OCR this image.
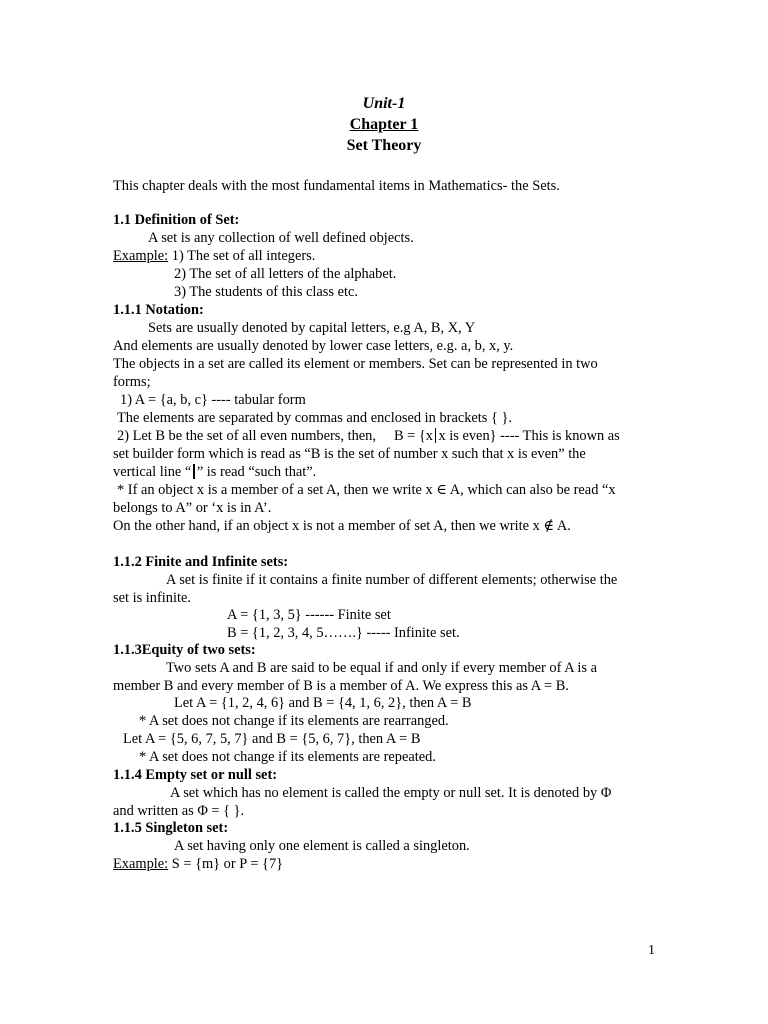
Unit-1
Chapter 1
Set Theory
This chapter deals with the most fundamental items in Mathematics- the Sets.
1.1 Definition of Set:
A set is any collection of well defined objects.
Example: 1) The set of all integers.
2) The set of all letters of the alphabet.
3) The students of this class etc.
1.1.1 Notation:
Sets are usually denoted by capital letters, e.g A, B, X, Y
And elements are usually denoted by lower case letters, e.g. a, b, x, y.
The objects in a set are called its element or members. Set can be represented in two
forms;
1) A = {a, b, c} ---- tabular form
The elements are separated by commas and enclosed in brackets { }.
2) Let B be the set of all even numbers, then, B = {x x is even} ---- This is known as
set builder form which is read as “B is the set of number x such that x is even” the
vertical line “ ” is read “such that”.
* If an object x is a member of a set A, then we write x ∈ A, which can also be read “x
belongs to A” or ‘x is in A’.
On the other hand, if an object x is not a member of set A, then we write x ∉ A.
1.1.2 Finite and Infinite sets:
A set is finite if it contains a finite number of different elements; otherwise the
set is infinite.
A = {1, 3, 5} ------ Finite set
B = {1, 2, 3, 4, 5…….} ----- Infinite set.
1.1.3Equity of two sets:
Two sets A and B are said to be equal if and only if every member of A is a
member B and every member of B is a member of A. We express this as A = B.
Let A = {1, 2, 4, 6} and B = {4, 1, 6, 2}, then A = B
* A set does not change if its elements are rearranged.
Let A = {5, 6, 7, 5, 7} and B = {5, 6, 7}, then A = B
* A set does not change if its elements are repeated.
1.1.4 Empty set or null set:
A set which has no element is called the empty or null set. It is denoted by Φ
and written as Φ = { }.
1.1.5 Singleton set:
A set having only one element is called a singleton.
Example: S = {m} or P = {7}
1
